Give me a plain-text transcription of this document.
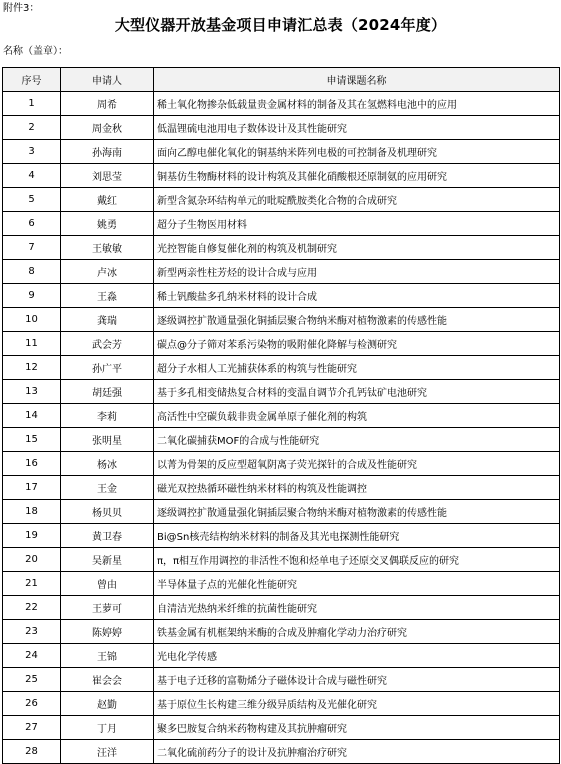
附件3：
大型仪器开放基金项目申请汇总表（2024年度）
名称（盖章）：
序号	申请人	申请课题名称
1	周希	稀土氧化物掺杂低载量贵金属材料的制备及其在氢燃料电池中的应用
2	周金秋	低温锂硫电池用电子数体设计及其性能研究
3	孙海南	面向乙醇电催化氧化的铜基纳米阵列电极的可控制备及机理研究
4	刘思莹	铜基仿生物酶材料的设计构筑及其催化硝酸根还原制氨的应用研究
5	戴红	新型含氮杂环结构单元的吡啶酰胺类化合物的合成研究
6	姚勇	超分子生物医用材料
7	王敏敏	光控智能自修复催化剂的构筑及机制研究
8	卢冰	新型两亲性柱芳烃的设计合成与应用
9	王淼	稀土钒酸盐多孔纳米材料的设计合成
10	龚瑞	逐级调控扩散通量强化铜插层聚合物纳米酶对植物激素的传感性能
11	武会芳	碳点@分子筛对苯系污染物的吸附催化降解与检测研究
12	孙广平	超分子水相人工光捕获体系的构筑与性能研究
13	胡廷强	基于多孔相变储热复合材料的变温自调节介孔钙钛矿电池研究
14	李莉	高活性中空碳负载非贵金属单原子催化剂的构筑
15	张明星	二氧化碳捕获MOF的合成与性能研究
16	杨冰	以菁为骨架的反应型超氧阴离子荧光探针的合成及性能研究
17	王金	磁光双控热循环磁性纳米材料的构筑及性能调控
18	杨贝贝	逐级调控扩散通量强化铜插层聚合物纳米酶对植物激素的传感性能
19	黄卫春	Bi@Sn核壳结构纳米材料的制备及其光电探测性能研究
20	吴新星	π，π相互作用调控的非活性不饱和烃单电子还原交叉偶联反应的研究
21	曾由	半导体量子点的光催化性能研究
22	王萝可	自清洁光热纳米纤维的抗菌性能研究
23	陈婷婷	铁基金属有机框架纳米酶的合成及肿瘤化学动力治疗研究
24	王锦	光电化学传感
25	崔会会	基于电子迁移的富勒烯分子磁体设计合成与磁性研究
26	赵勤	基于原位生长构建三维分级异质结构及光催化研究
27	丁月	聚多巴胺复合纳米药物构建及其抗肿瘤研究
28	汪洋	二氧化硫前药分子的设计及抗肿瘤治疗研究
